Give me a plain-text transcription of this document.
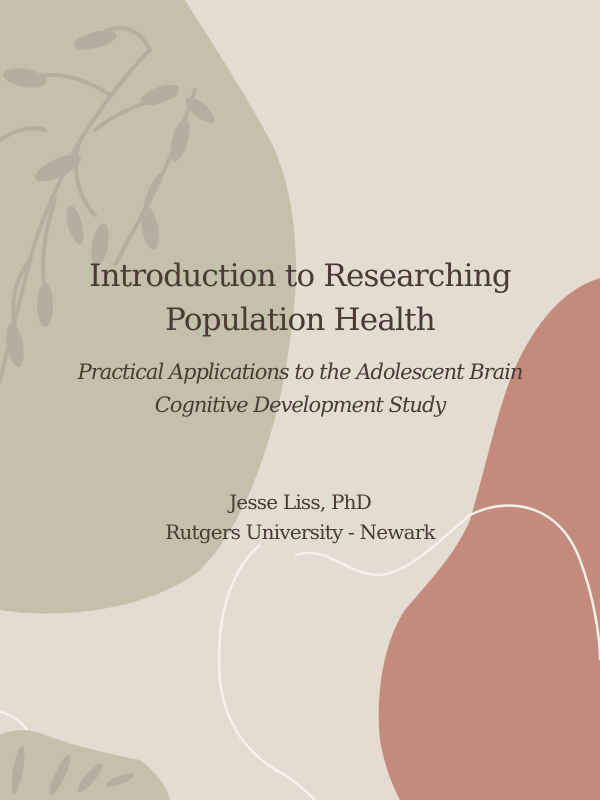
Introduction to Researching
Population Health
Practical Applications to the Adolescent Brain
Cognitive Development Study
Jesse Liss, PhD
Rutgers University - Newark
